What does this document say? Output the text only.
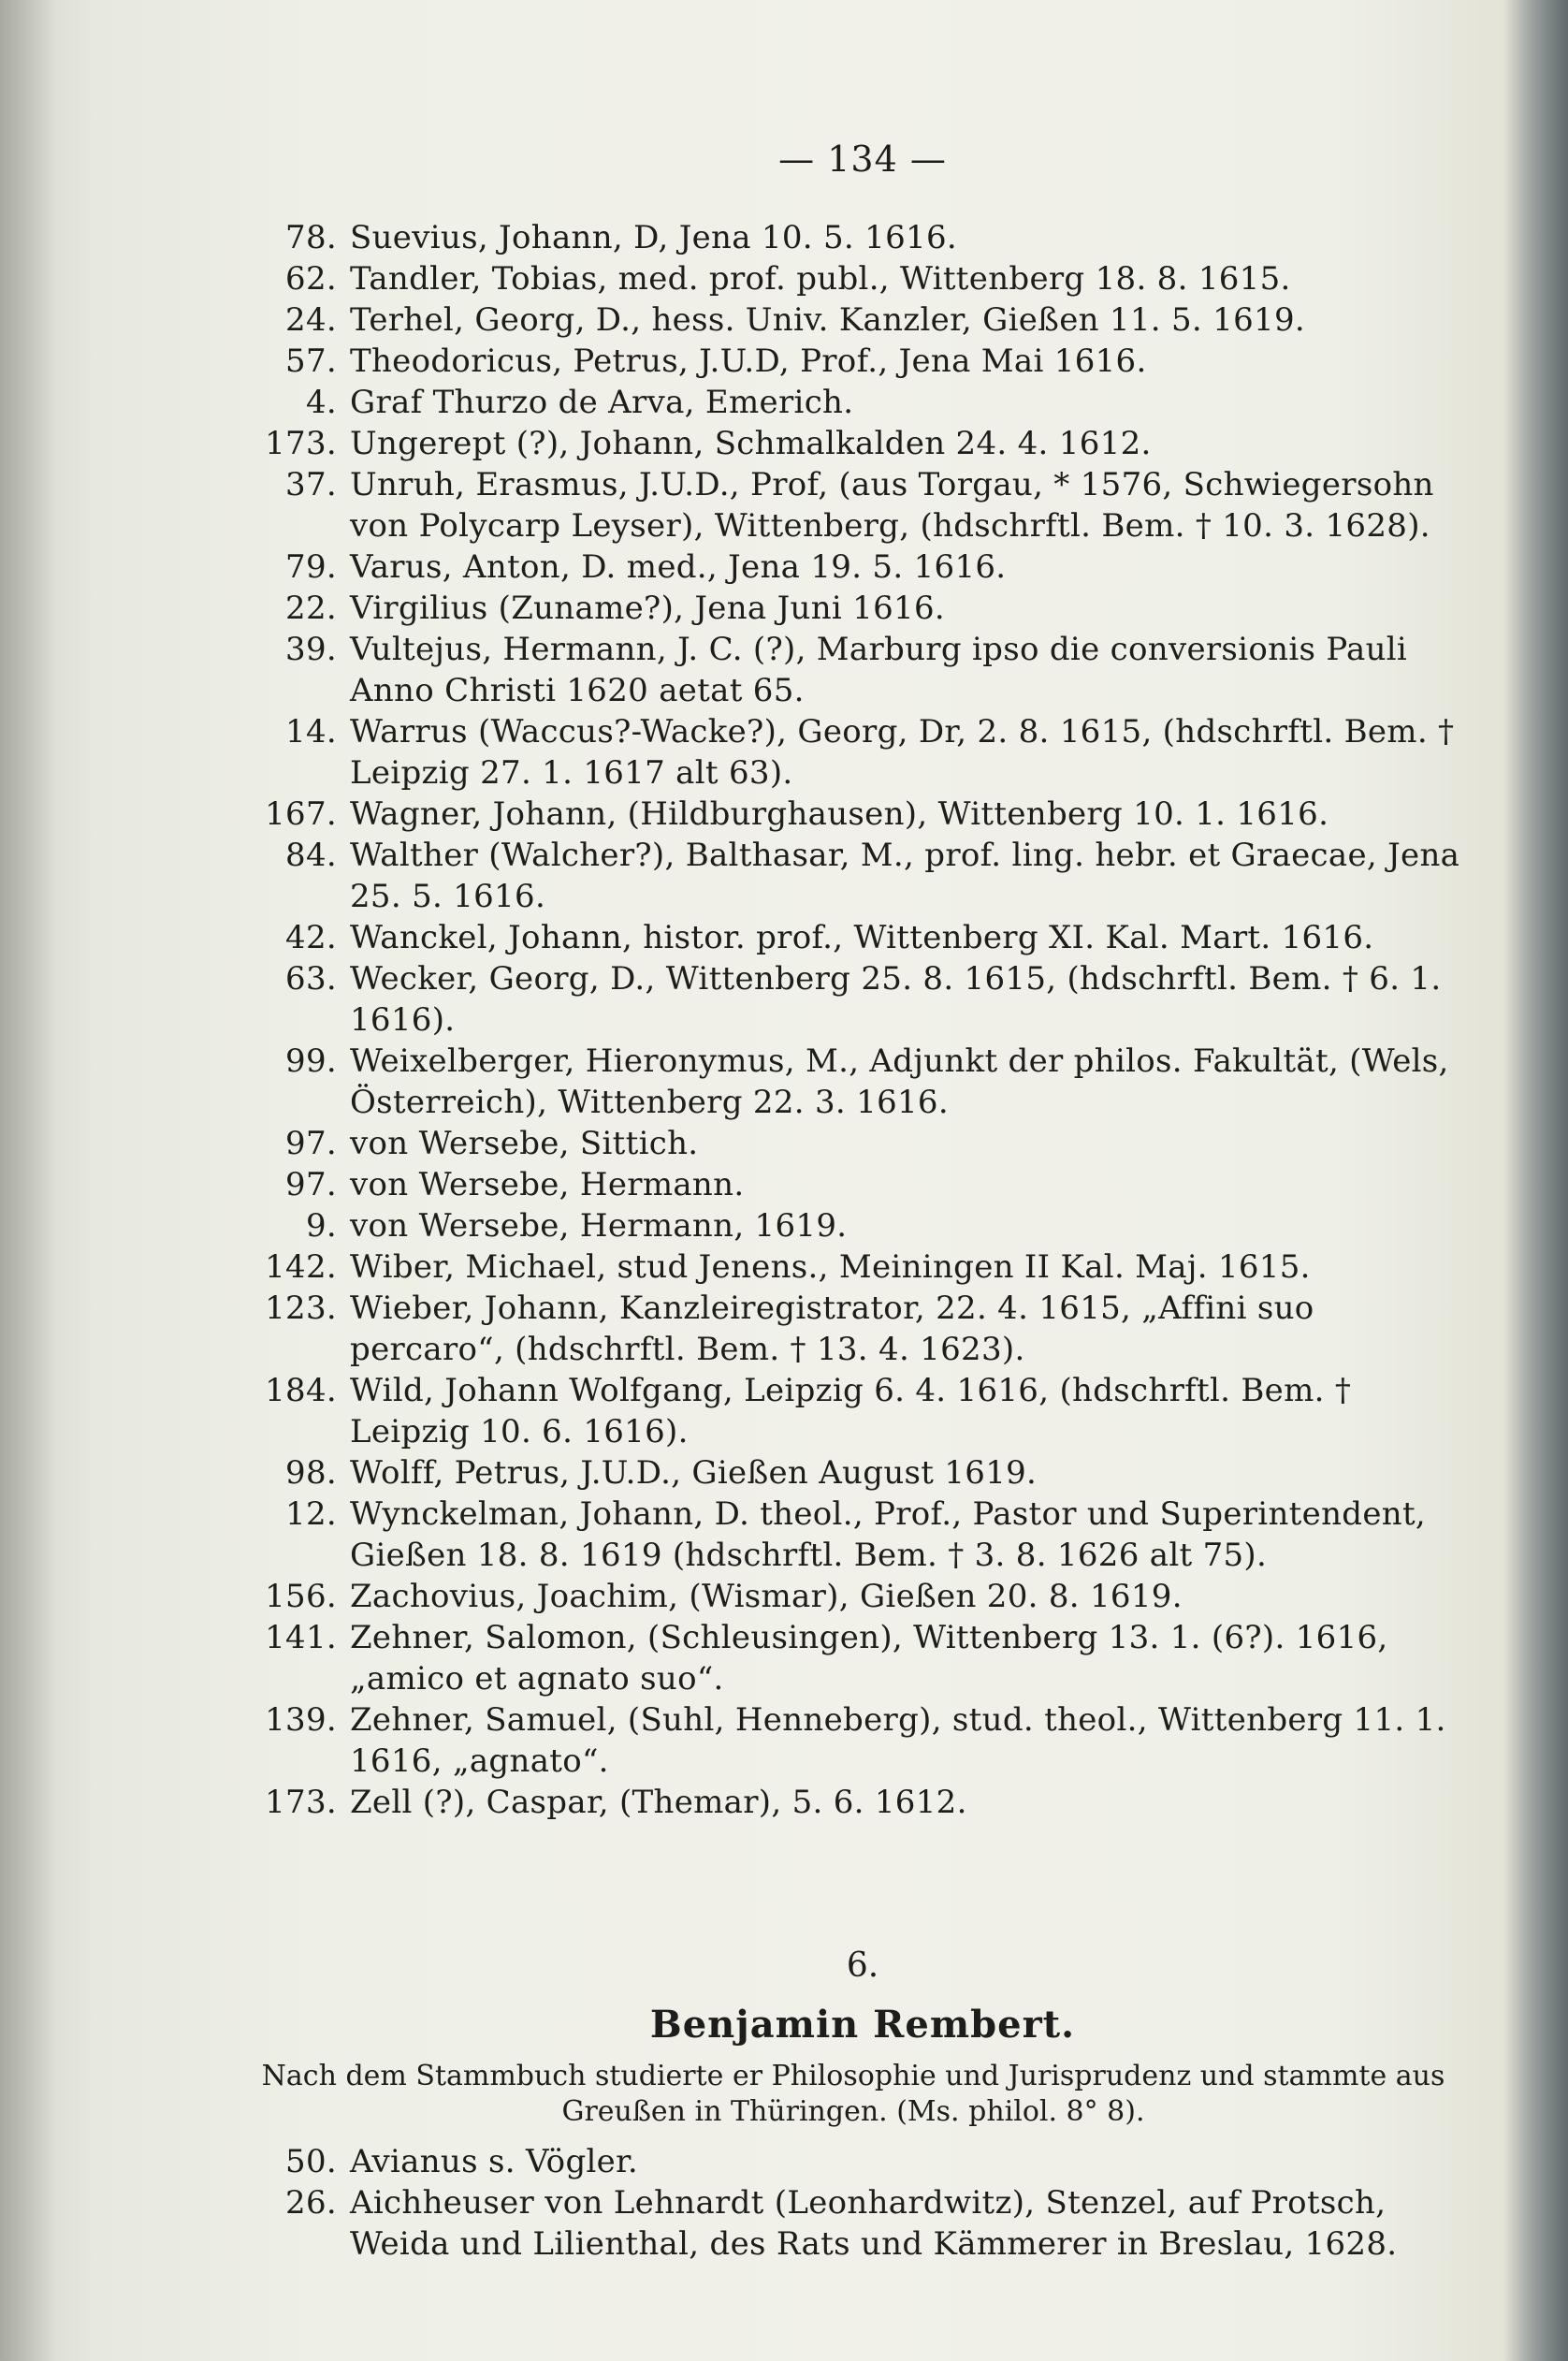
— 134 —
78. Suevius, Johann, D, Jena 10. 5. 1616.
62. Tandler, Tobias, med. prof. publ., Wittenberg 18. 8. 1615.
24. Terhel, Georg, D., hess. Univ. Kanzler, Gießen 11. 5. 1619.
57. Theodoricus, Petrus, J.U.D, Prof., Jena Mai 1616.
4. Graf Thurzo de Arva, Emerich.
173. Ungerept (?), Johann, Schmalkalden 24. 4. 1612.
37. Unruh, Erasmus, J.U.D., Prof, (aus Torgau, * 1576, Schwiegersohn von Polycarp Leyser), Wittenberg, (hdschrftl. Bem. † 10. 3. 1628).
79. Varus, Anton, D. med., Jena 19. 5. 1616.
22. Virgilius (Zuname?), Jena Juni 1616.
39. Vultejus, Hermann, J. C. (?), Marburg ipso die conversionis Pauli Anno Christi 1620 aetat 65.
14. Warrus (Waccus?-Wacke?), Georg, Dr, 2. 8. 1615, (hdschrftl. Bem. † Leipzig 27. 1. 1617 alt 63).
167. Wagner, Johann, (Hildburghausen), Wittenberg 10. 1. 1616.
84. Walther (Walcher?), Balthasar, M., prof. ling. hebr. et Graecae, Jena 25. 5. 1616.
42. Wanckel, Johann, histor. prof., Wittenberg XI. Kal. Mart. 1616.
63. Wecker, Georg, D., Wittenberg 25. 8. 1615, (hdschrftl. Bem. † 6. 1. 1616).
99. Weixelberger, Hieronymus, M., Adjunkt der philos. Fakultät, (Wels, Österreich), Wittenberg 22. 3. 1616.
97. von Wersebe, Sittich.
97. von Wersebe, Hermann.
9. von Wersebe, Hermann, 1619.
142. Wiber, Michael, stud Jenens., Meiningen II Kal. Maj. 1615.
123. Wieber, Johann, Kanzleiregistrator, 22. 4. 1615, „Affini suo percaro“, (hdschrftl. Bem. † 13. 4. 1623).
184. Wild, Johann Wolfgang, Leipzig 6. 4. 1616, (hdschrftl. Bem. † Leipzig 10. 6. 1616).
98. Wolff, Petrus, J.U.D., Gießen August 1619.
12. Wynckelman, Johann, D. theol., Prof., Pastor und Superintendent, Gießen 18. 8. 1619 (hdschrftl. Bem. † 3. 8. 1626 alt 75).
156. Zachovius, Joachim, (Wismar), Gießen 20. 8. 1619.
141. Zehner, Salomon, (Schleusingen), Wittenberg 13. 1. (6?). 1616, „amico et agnato suo“.
139. Zehner, Samuel, (Suhl, Henneberg), stud. theol., Wittenberg 11. 1. 1616, „agnato“.
173. Zell (?), Caspar, (Themar), 5. 6. 1612.
6.
Benjamin Rembert.
Nach dem Stammbuch studierte er Philosophie und Jurisprudenz und stammte aus Greußen in Thüringen. (Ms. philol. 8° 8).
50. Avianus s. Vögler.
26. Aichheuser von Lehnardt (Leonhardwitz), Stenzel, auf Protsch, Weida und Lilienthal, des Rats und Kämmerer in Breslau, 1628.
